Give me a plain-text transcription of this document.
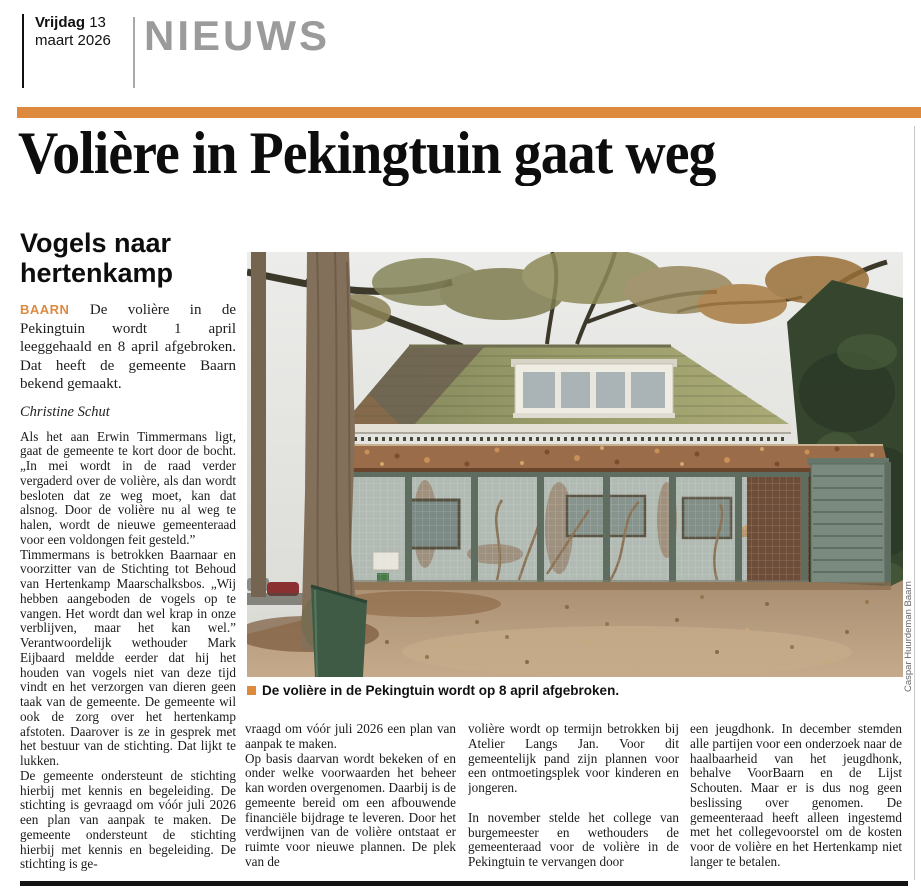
Vrijdag 13
maart 2026 NIEUWS
Volière in Pekingtuin gaat weg
Vogels naar hertenkamp

BAARN De volière in de Pekingtuin wordt 1 april leeggehaald en 8 april afgebroken. Dat heeft de gemeente Baarn bekend gemaakt.

Christine Schut

Als het aan Erwin Timmermans ligt, gaat de gemeente te kort door de bocht. „In mei wordt in de raad verder vergaderd over de volière, als dan wordt besloten dat ze weg moet, kan dat alsnog. Door de volière nu al weg te halen, wordt de nieuwe gemeenteraad voor een voldongen feit gesteld.”

Timmermans is betrokken Baarnaar en voorzitter van de Stichting tot Behoud van Hertenkamp Maarschalksbos. „Wij hebben aangeboden de vogels op te vangen. Het wordt dan wel krap in onze verblijven, maar het kan wel.” Verantwoordelijk wethouder Mark Eijbaard meldde eerder dat hij het houden van vogels niet van deze tijd vindt en het verzorgen van dieren geen taak van de gemeente. De gemeente wil ook de zorg over het hertenkamp afstoten. Daarover is ze in gesprek met het bestuur van de stichting. Dat lijkt te lukken.

De gemeente ondersteunt de stichting hierbij met kennis en begeleiding. De stichting is gevraagd om vóór juli 2026 een plan van aanpak te maken. De gemeente ondersteunt de stichting hierbij met kennis en begeleiding. De stichting is ge-

Caspar Huurdeman Baarn
De volière in de Pekingtuin wordt op 8 april afgebroken.

vraagd om vóór juli 2026 een plan van aanpak te maken.

Op basis daarvan wordt bekeken of en onder welke voorwaarden het beheer kan worden overgenomen. Daarbij is de gemeente bereid om een afbouwende financiële bijdrage te leveren. Door het verdwijnen van de volière ontstaat er ruimte voor nieuwe plannen. De plek van de

volière wordt op termijn betrokken bij Atelier Langs Jan. Voor dit gemeentelijk pand zijn plannen voor een ontmoetingsplek voor kinderen en jongeren.

In november stelde het college van burgemeester en wethouders de gemeenteraad voor de volière in de Pekingtuin te vervangen door

een jeugdhonk. In december stemden alle partijen voor een onderzoek naar de haalbaarheid van het jeugdhonk, behalve VoorBaarn en de Lijst Schouten. Maar er is dus nog geen beslissing over genomen. De gemeenteraad heeft alleen ingestemd met het collegevoorstel om de kosten voor de volière en het Hertenkamp niet langer te betalen.
